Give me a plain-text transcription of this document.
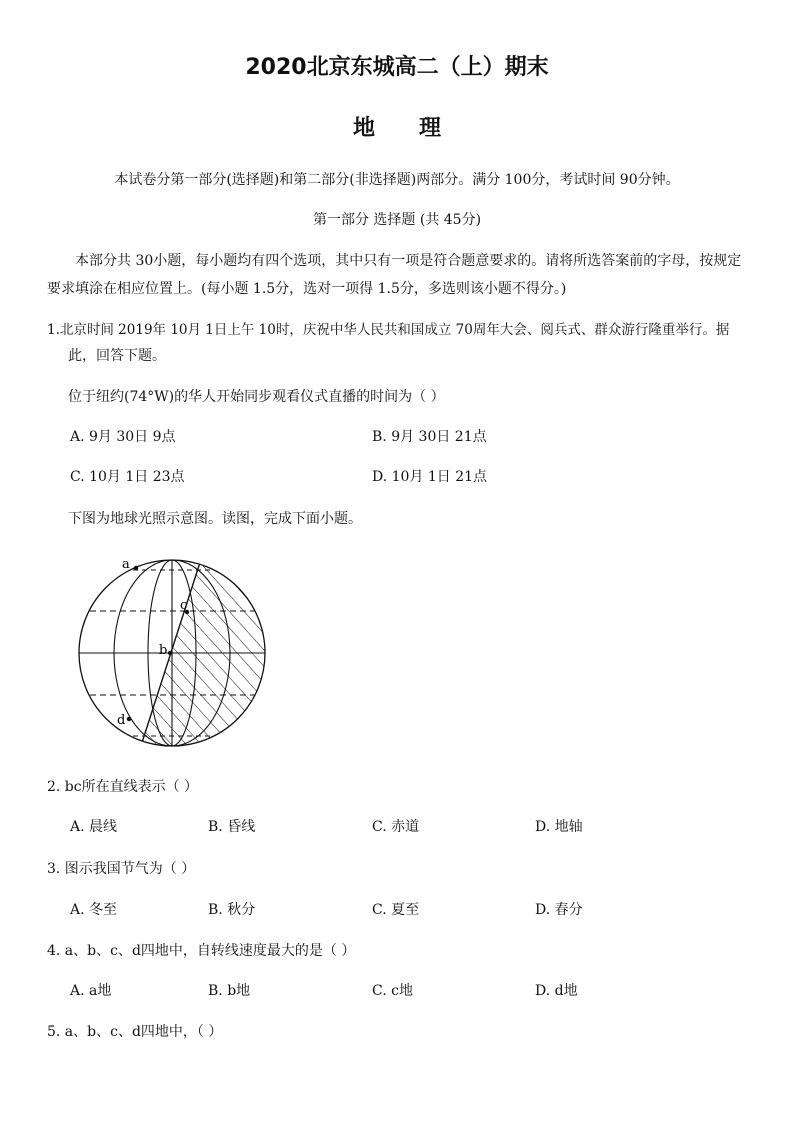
2020北京东城高二（上）期末
地　　理
本试卷分第一部分(选择题)和第二部分(非选择题)两部分。满分 100分，考试时间 90分钟。
第一部分 选择题 (共 45分)
本部分共 30小题，每小题均有四个选项，其中只有一项是符合题意要求的。请将所选答案前的字母，按规定
要求填涂在相应位置上。(每小题 1.5分，选对一项得 1.5分，多选则该小题不得分。)
1.北京时间 2019年 10月 1日上午 10时，庆祝中华人民共和国成立 70周年大会、阅兵式、群众游行隆重举行。据
此，回答下题。
位于纽约(74°W)的华人开始同步观看仪式直播的时间为（ ）
A. 9月 30日 9点	B. 9月 30日 21点
C. 10月 1日 23点	D. 10月 1日 21点
下图为地球光照示意图。读图，完成下面小题。
a
c
b
d
2. bc所在直线表示（ ）
A. 晨线	B. 昏线	C. 赤道	D. 地轴
3. 图示我国节气为（ ）
A. 冬至	B. 秋分	C. 夏至	D. 春分
4. a、b、c、d四地中，自转线速度最大的是（ ）
A. a地	B. b地	C. c地	D. d地
5. a、b、c、d四地中，（ ）
